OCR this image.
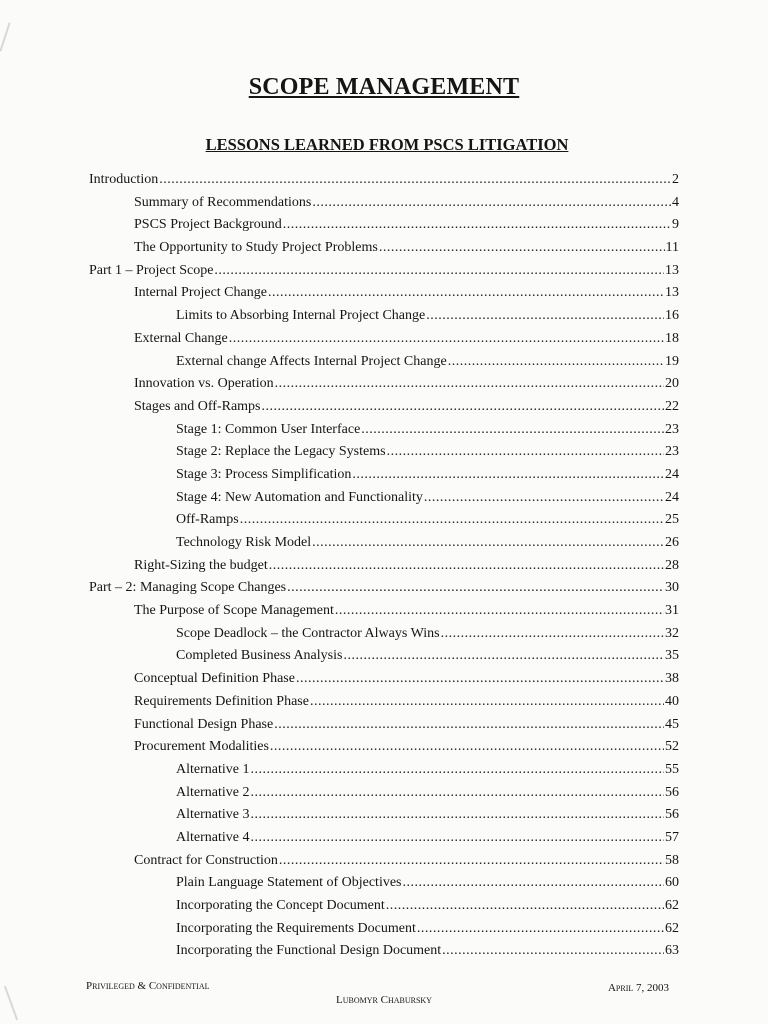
SCOPE MANAGEMENT
LESSONS LEARNED FROM PSCS LITIGATION
Introduction .....	2
Summary of Recommendations .....	4
PSCS Project Background .....	9
The Opportunity to Study Project Problems .....	11
Part 1 – Project Scope .....	13
Internal Project Change .....	13
Limits to Absorbing Internal Project Change .....	16
External Change .....	18
External change Affects Internal Project Change .....	19
Innovation vs. Operation .....	20
Stages and Off-Ramps .....	22
Stage 1: Common User Interface .....	23
Stage 2: Replace the Legacy Systems .....	23
Stage 3: Process Simplification .....	24
Stage 4: New Automation and Functionality .....	24
Off-Ramps .....	25
Technology Risk Model .....	26
Right-Sizing the budget .....	28
Part – 2: Managing Scope Changes .....	30
The Purpose of Scope Management .....	31
Scope Deadlock – the Contractor Always Wins .....	32
Completed Business Analysis .....	35
Conceptual Definition Phase .....	38
Requirements Definition Phase .....	40
Functional Design Phase .....	45
Procurement Modalities .....	52
Alternative 1 .....	55
Alternative 2 .....	56
Alternative 3 .....	56
Alternative 4 .....	57
Contract for Construction .....	58
Plain Language Statement of Objectives .....	60
Incorporating the Concept Document .....	62
Incorporating the Requirements Document .....	62
Incorporating the Functional Design Document .....	63
Privileged & Confidential
Lubomyr Chabursky
April 7, 2003
